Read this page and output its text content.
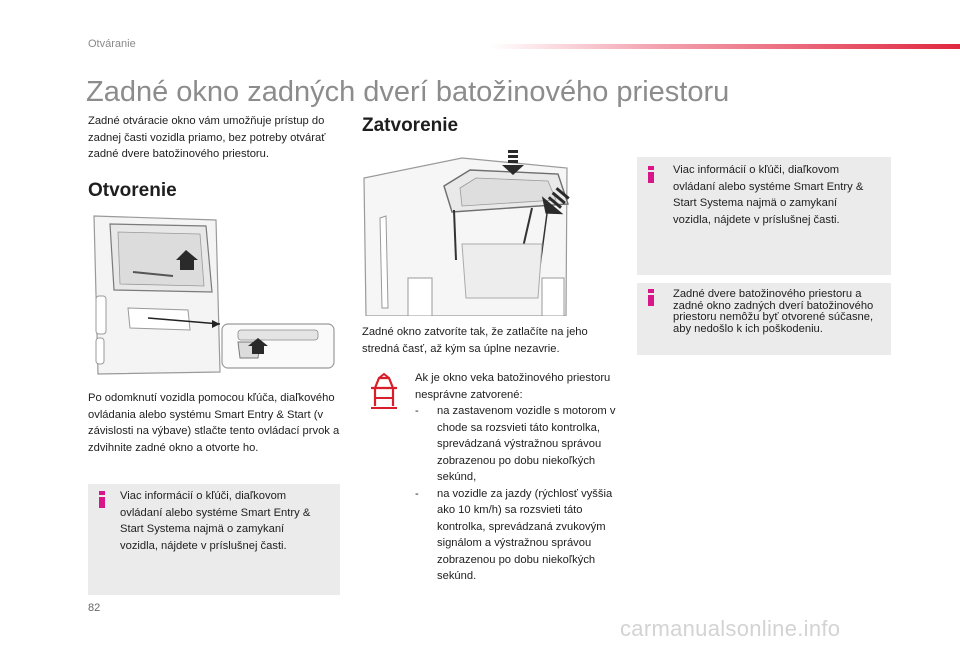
Otváranie
Zadné okno zadných dverí batožinového priestoru
Zadné otváracie okno vám umožňuje prístup do zadnej časti vozidla priamo, bez potreby otvárať zadné dvere batožinového priestoru.
Otvorenie
Po odomknutí vozidla pomocou kľúča, diaľkového ovládania alebo systému Smart Entry & Start (v závislosti na výbave) stlačte tento ovládací prvok a zdvihnite zadné okno a otvorte ho.
Viac informácií o kľúči, diaľkovom ovládaní alebo systéme Smart Entry & Start Systema najmä o zamykaní vozidla, nájdete v príslušnej časti.
Zatvorenie
Zadné okno zatvoríte tak, že zatlačíte na jeho stredná časť, až kým sa úplne nezavrie.
Ak je okno veka batožinového priestoru nesprávne zatvorené:
- na zastavenom vozidle s motorom v chode sa rozsvieti táto kontrolka, sprevádzaná výstražnou správou zobrazenou po dobu niekoľkých sekúnd,
- na vozidle za jazdy (rýchlosť vyššia ako 10 km/h) sa rozsvieti táto kontrolka, sprevádzaná zvukovým signálom a výstražnou správou zobrazenou po dobu niekoľkých sekúnd.
Viac informácií o kľúči, diaľkovom ovládaní alebo systéme Smart Entry & Start Systema najmä o zamykaní vozidla, nájdete v príslušnej časti.
Zadné dvere batožinového priestoru a zadné okno zadných dverí batožinového priestoru nemôžu byť otvorené súčasne, aby nedošlo k ich poškodeniu.
82
carmanualsonline.info
